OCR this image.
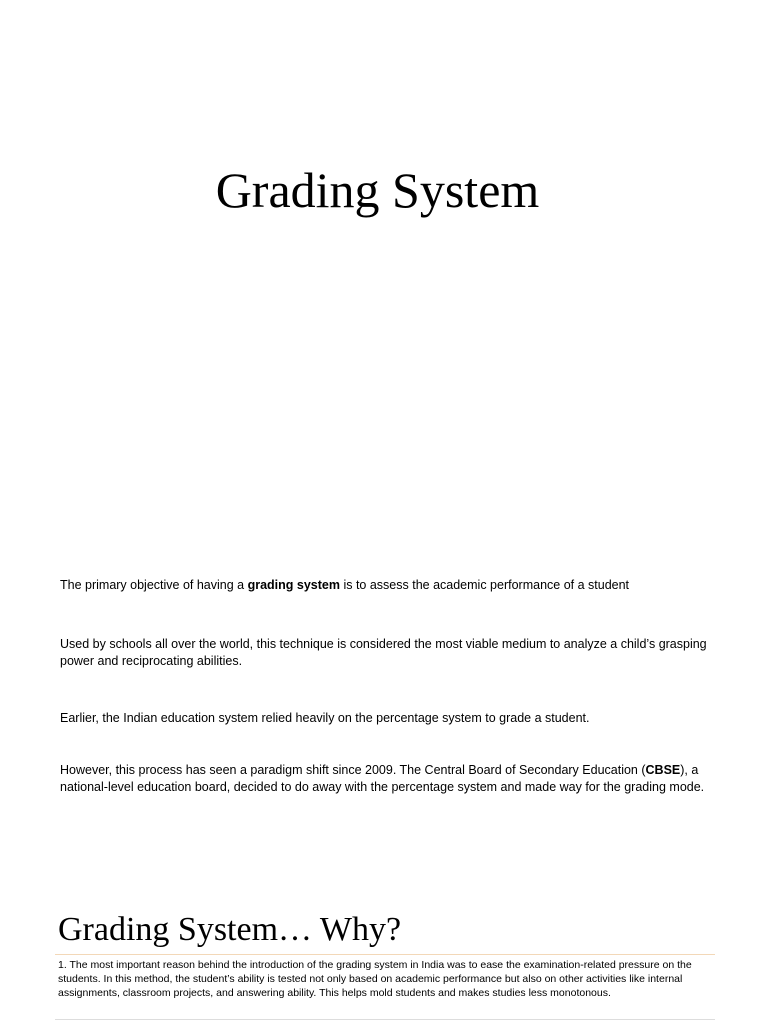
Grading System

The primary objective of having a grading system is to assess the academic performance of a student

Used by schools all over the world, this technique is considered the most viable medium to analyze a child’s grasping power and reciprocating abilities.

Earlier, the Indian education system relied heavily on the percentage system to grade a student.

However, this process has seen a paradigm shift since 2009. The Central Board of Secondary Education (CBSE), a national-level education board, decided to do away with the percentage system and made way for the grading mode.

Grading System… Why?

1. The most important reason behind the introduction of the grading system in India was to ease the examination-related pressure on the students. In this method, the student’s ability is tested not only based on academic performance but also on other activities like internal assignments, classroom projects, and answering ability. This helps mold students and makes studies less monotonous.
